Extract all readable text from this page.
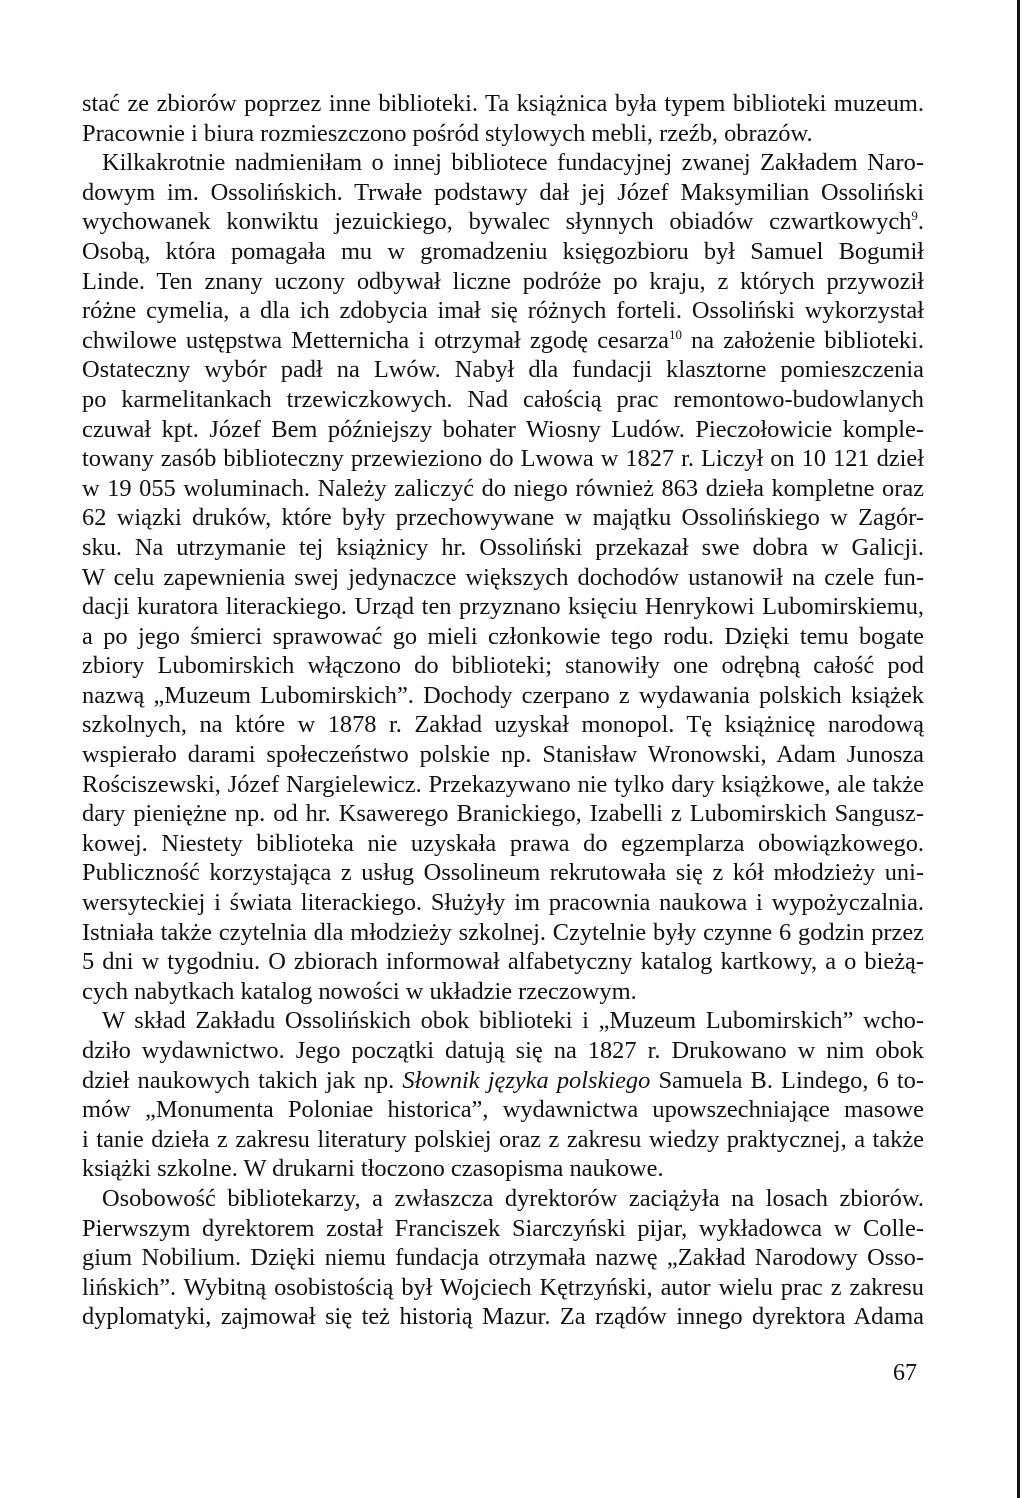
stać ze zbiorów poprzez inne biblioteki. Ta książnica była typem biblioteki muzeum.
Pracownie i biura rozmieszczono pośród stylowych mebli, rzeźb, obrazów.
Kilkakrotnie nadmieniłam o innej bibliotece fundacyjnej zwanej Zakładem Naro-
dowym im. Ossolińskich. Trwałe podstawy dał jej Józef Maksymilian Ossoliński
wychowanek konwiktu jezuickiego, bywalec słynnych obiadów czwartkowych$^9$.
Osobą, która pomagała mu w gromadzeniu księgozbioru był Samuel Bogumił
Linde. Ten znany uczony odbywał liczne podróże po kraju, z których przywoził
różne cymelia, a dla ich zdobycia imał się różnych forteli. Ossoliński wykorzystał
chwilowe ustępstwa Metternicha i otrzymał zgodę cesarza$^{10}$ na założenie biblioteki.
Ostateczny wybór padł na Lwów. Nabył dla fundacji klasztorne pomieszczenia
po karmelitankach trzewiczkowych. Nad całością prac remontowo-budowlanych
czuwał kpt. Józef Bem późniejszy bohater Wiosny Ludów. Pieczołowicie komple-
towany zasób biblioteczny przewieziono do Lwowa w 1827 r. Liczył on 10 121 dzieł
w 19 055 woluminach. Należy zaliczyć do niego również 863 dzieła kompletne oraz
62 wiązki druków, które były przechowywane w majątku Ossolińskiego w Zagór-
sku. Na utrzymanie tej książnicy hr. Ossoliński przekazał swe dobra w Galicji.
W celu zapewnienia swej jedynaczce większych dochodów ustanowił na czele fun-
dacji kuratora literackiego. Urząd ten przyznano księciu Henrykowi Lubomirskiemu,
a po jego śmierci sprawować go mieli członkowie tego rodu. Dzięki temu bogate
zbiory Lubomirskich włączono do biblioteki; stanowiły one odrębną całość pod
nazwą „Muzeum Lubomirskich”. Dochody czerpano z wydawania polskich książek
szkolnych, na które w 1878 r. Zakład uzyskał monopol. Tę książnicę narodową
wspierało darami społeczeństwo polskie np. Stanisław Wronowski, Adam Junosza
Rościszewski, Józef Nargielewicz. Przekazywano nie tylko dary książkowe, ale także
dary pieniężne np. od hr. Ksawerego Branickiego, Izabelli z Lubomirskich Sangusz-
kowej. Niestety biblioteka nie uzyskała prawa do egzemplarza obowiązkowego.
Publiczność korzystająca z usług Ossolineum rekrutowała się z kół młodzieży uni-
wersyteckiej i świata literackiego. Służyły im pracownia naukowa i wypożyczalnia.
Istniała także czytelnia dla młodzieży szkolnej. Czytelnie były czynne 6 godzin przez
5 dni w tygodniu. O zbiorach informował alfabetyczny katalog kartkowy, a o bieżą-
cych nabytkach katalog nowości w układzie rzeczowym.
W skład Zakładu Ossolińskich obok biblioteki i „Muzeum Lubomirskich” wcho-
dziło wydawnictwo. Jego początki datują się na 1827 r. Drukowano w nim obok
dzieł naukowych takich jak np. Słownik języka polskiego Samuela B. Lindego, 6 to-
mów „Monumenta Poloniae historica”, wydawnictwa upowszechniające masowe
i tanie dzieła z zakresu literatury polskiej oraz z zakresu wiedzy praktycznej, a także
książki szkolne. W drukarni tłoczono czasopisma naukowe.
Osobowość bibliotekarzy, a zwłaszcza dyrektorów zaciążyła na losach zbiorów.
Pierwszym dyrektorem został Franciszek Siarczyński pijar, wykładowca w Colle-
gium Nobilium. Dzięki niemu fundacja otrzymała nazwę „Zakład Narodowy Osso-
lińskich”. Wybitną osobistością był Wojciech Kętrzyński, autor wielu prac z zakresu
dyplomatyki, zajmował się też historią Mazur. Za rządów innego dyrektora Adama
67
